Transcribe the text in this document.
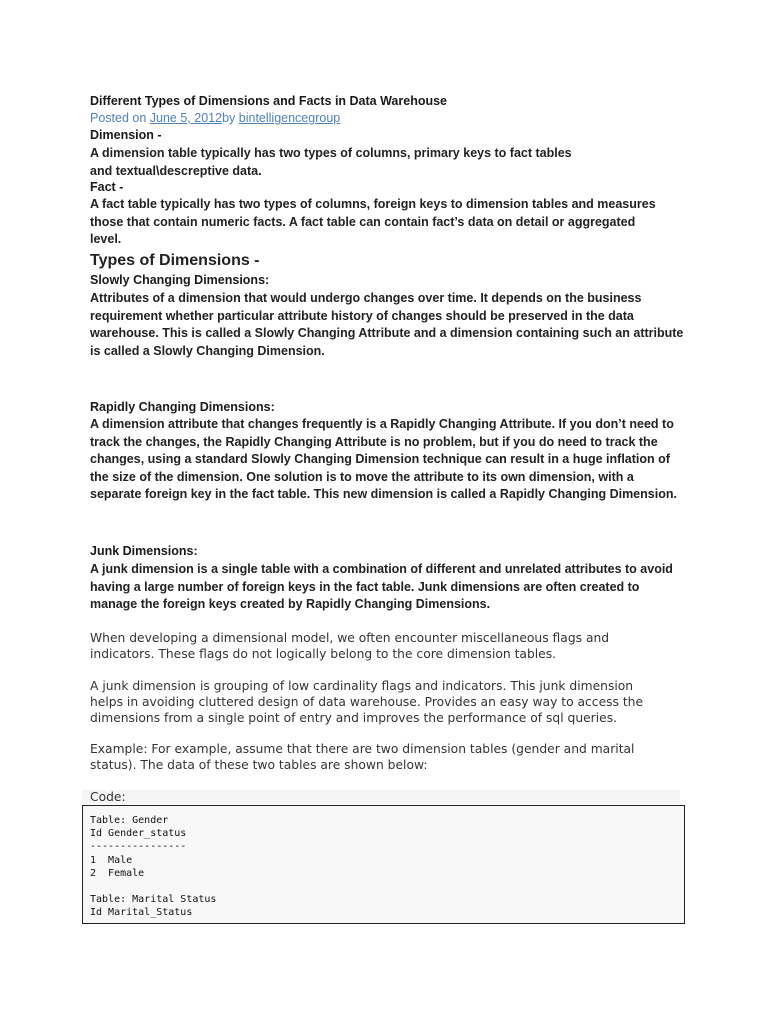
Different Types of Dimensions and Facts in Data Warehouse
Posted on June 5, 2012by bintelligencegroup
Dimension -
A dimension table typically has two types of columns, primary keys to fact tables and textual\descreptive data.
Fact -
A fact table typically has two types of columns, foreign keys to dimension tables and measures those that contain numeric facts. A fact table can contain fact’s data on detail or aggregated level.
Types of Dimensions -
Slowly Changing Dimensions:
Attributes of a dimension that would undergo changes over time. It depends on the business requirement whether particular attribute history of changes should be preserved in the data warehouse. This is called a Slowly Changing Attribute and a dimension containing such an attribute is called a Slowly Changing Dimension.
Rapidly Changing Dimensions:
A dimension attribute that changes frequently is a Rapidly Changing Attribute. If you don’t need to track the changes, the Rapidly Changing Attribute is no problem, but if you do need to track the changes, using a standard Slowly Changing Dimension technique can result in a huge inflation of the size of the dimension. One solution is to move the attribute to its own dimension, with a separate foreign key in the fact table. This new dimension is called a Rapidly Changing Dimension.
Junk Dimensions:
A junk dimension is a single table with a combination of different and unrelated attributes to avoid having a large number of foreign keys in the fact table. Junk dimensions are often created to manage the foreign keys created by Rapidly Changing Dimensions.
When developing a dimensional model, we often encounter miscellaneous flags and indicators. These flags do not logically belong to the core dimension tables.
A junk dimension is grouping of low cardinality flags and indicators. This junk dimension helps in avoiding cluttered design of data warehouse. Provides an easy way to access the dimensions from a single point of entry and improves the performance of sql queries.
Example: For example, assume that there are two dimension tables (gender and marital status). The data of these two tables are shown below:
Code:
Table: Gender
Id Gender_status
----------------
1  Male
2  Female

Table: Marital Status
Id Marital_Status
